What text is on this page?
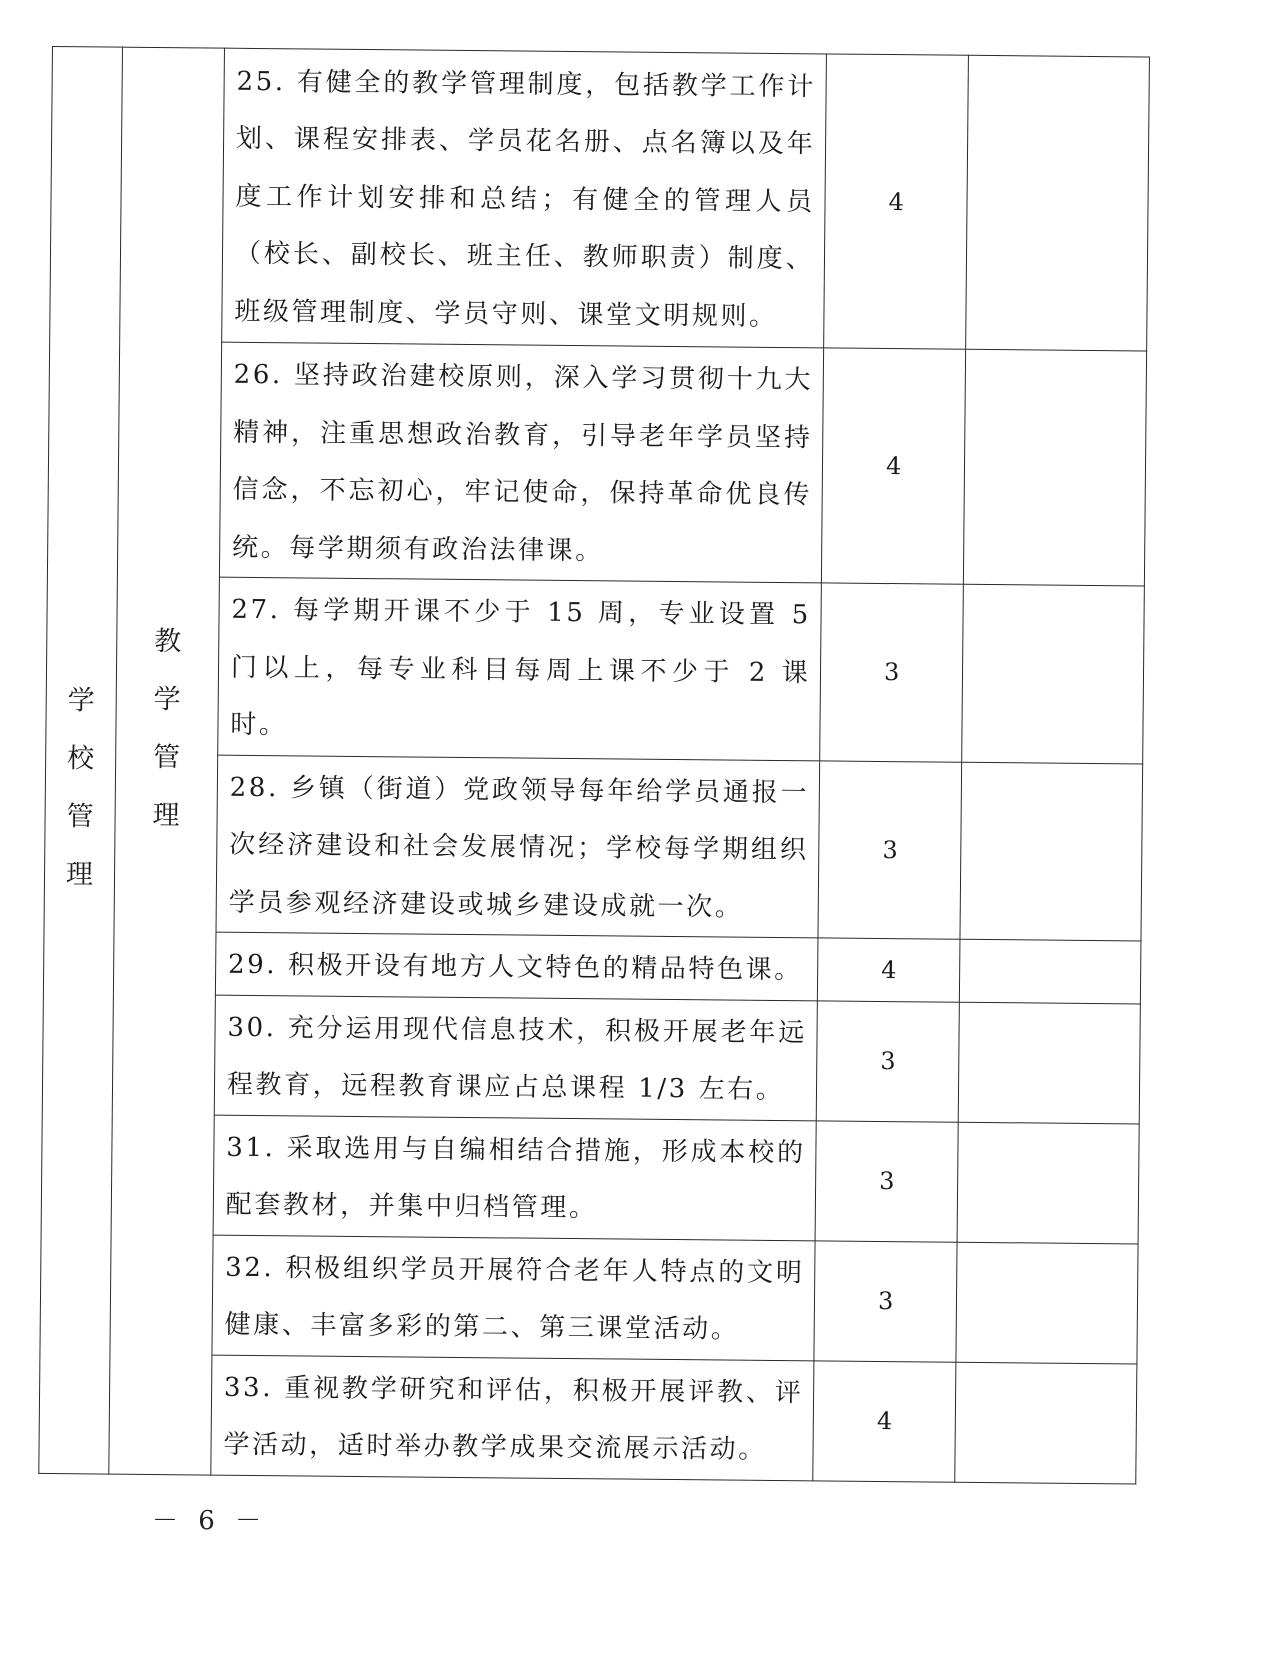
学
校
管
理	教
学
管
理	25. 有健全的教学管理制度，包括教学工作计划、课程安排表、学员花名册、点名簿以及年度工作计划安排和总结；有健全的管理人员（校长、副校长、班主任、教师职责）制度、班级管理制度、学员守则、课堂文明规则。	4	
		26. 坚持政治建校原则，深入学习贯彻十九大精神，注重思想政治教育，引导老年学员坚持信念，不忘初心，牢记使命，保持革命优良传统。每学期须有政治法律课。	4	
		27. 每学期开课不少于 15 周，专业设置 5 门以上，每专业科目每周上课不少于 2 课时。	3	
		28. 乡镇（街道）党政领导每年给学员通报一次经济建设和社会发展情况；学校每学期组织学员参观经济建设或城乡建设成就一次。	3	
		29. 积极开设有地方人文特色的精品特色课。	4	
		30. 充分运用现代信息技术，积极开展老年远程教育，远程教育课应占总课程 1/3 左右。	3	
		31. 采取选用与自编相结合措施，形成本校的配套教材，并集中归档管理。	3	
		32. 积极组织学员开展符合老年人特点的文明健康、丰富多彩的第二、第三课堂活动。	3	
		33. 重视教学研究和评估，积极开展评教、评学活动，适时举办教学成果交流展示活动。	4	
－ 6 －
